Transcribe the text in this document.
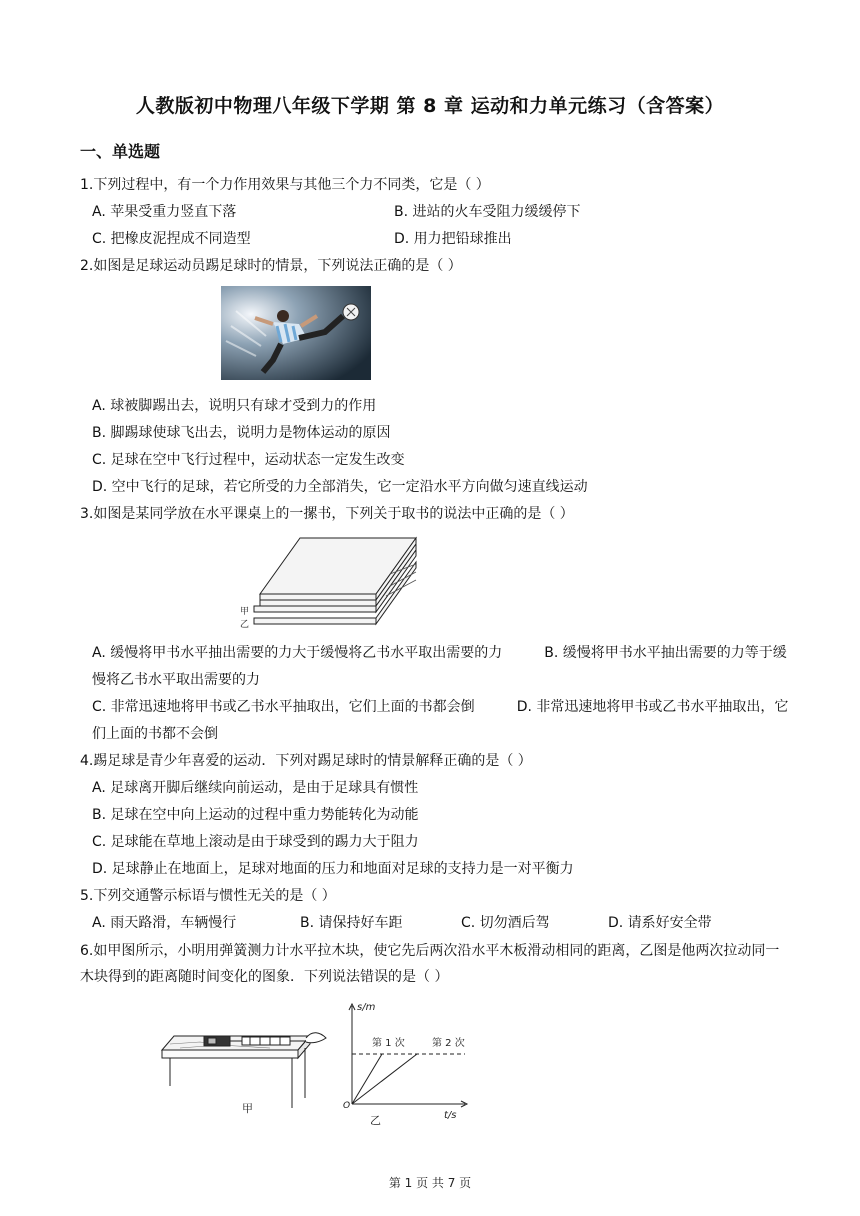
人教版初中物理八年级下学期 第 8 章 运动和力单元练习（含答案）
一、单选题
1.下列过程中，有一个力作用效果与其他三个力不同类，它是（ ）
A. 苹果受重力竖直下落	B. 进站的火车受阻力缓缓停下
C. 把橡皮泥捏成不同造型	D. 用力把铅球推出
2.如图是足球运动员踢足球时的情景，下列说法正确的是（ ）
A. 球被脚踢出去，说明只有球才受到力的作用
B. 脚踢球使球飞出去，说明力是物体运动的原因
C. 足球在空中飞行过程中，运动状态一定发生改变
D. 空中飞行的足球，若它所受的力全部消失，它一定沿水平方向做匀速直线运动
3.如图是某同学放在水平课桌上的一摞书，下列关于取书的说法中正确的是（ ）
甲
乙
A. 缓慢将甲书水平抽出需要的力大于缓慢将乙书水平取出需要的力	B. 缓慢将甲书水平抽出需要的力等于缓慢将乙书水平取出需要的力
C. 非常迅速地将甲书或乙书水平抽取出，它们上面的书都会倒	D. 非常迅速地将甲书或乙书水平抽取出，它们上面的书都不会倒
4.踢足球是青少年喜爱的运动．下列对踢足球时的情景解释正确的是（ ）
A. 足球离开脚后继续向前运动，是由于足球具有惯性
B. 足球在空中向上运动的过程中重力势能转化为动能
C. 足球能在草地上滚动是由于球受到的踢力大于阻力
D. 足球静止在地面上，足球对地面的压力和地面对足球的支持力是一对平衡力
5.下列交通警示标语与惯性无关的是（ ）
A. 雨天路滑，车辆慢行	B. 请保持好车距	C. 切勿酒后驾	D. 请系好安全带
6.如甲图所示，小明用弹簧测力计水平拉木块，使它先后两次沿水平木板滑动相同的距离，乙图是他两次拉动同一木块得到的距离随时间变化的图象．下列说法错误的是（ ）
甲
s/m
t/s
O
第 1 次	第 2 次
乙
第 1 页 共 7 页
